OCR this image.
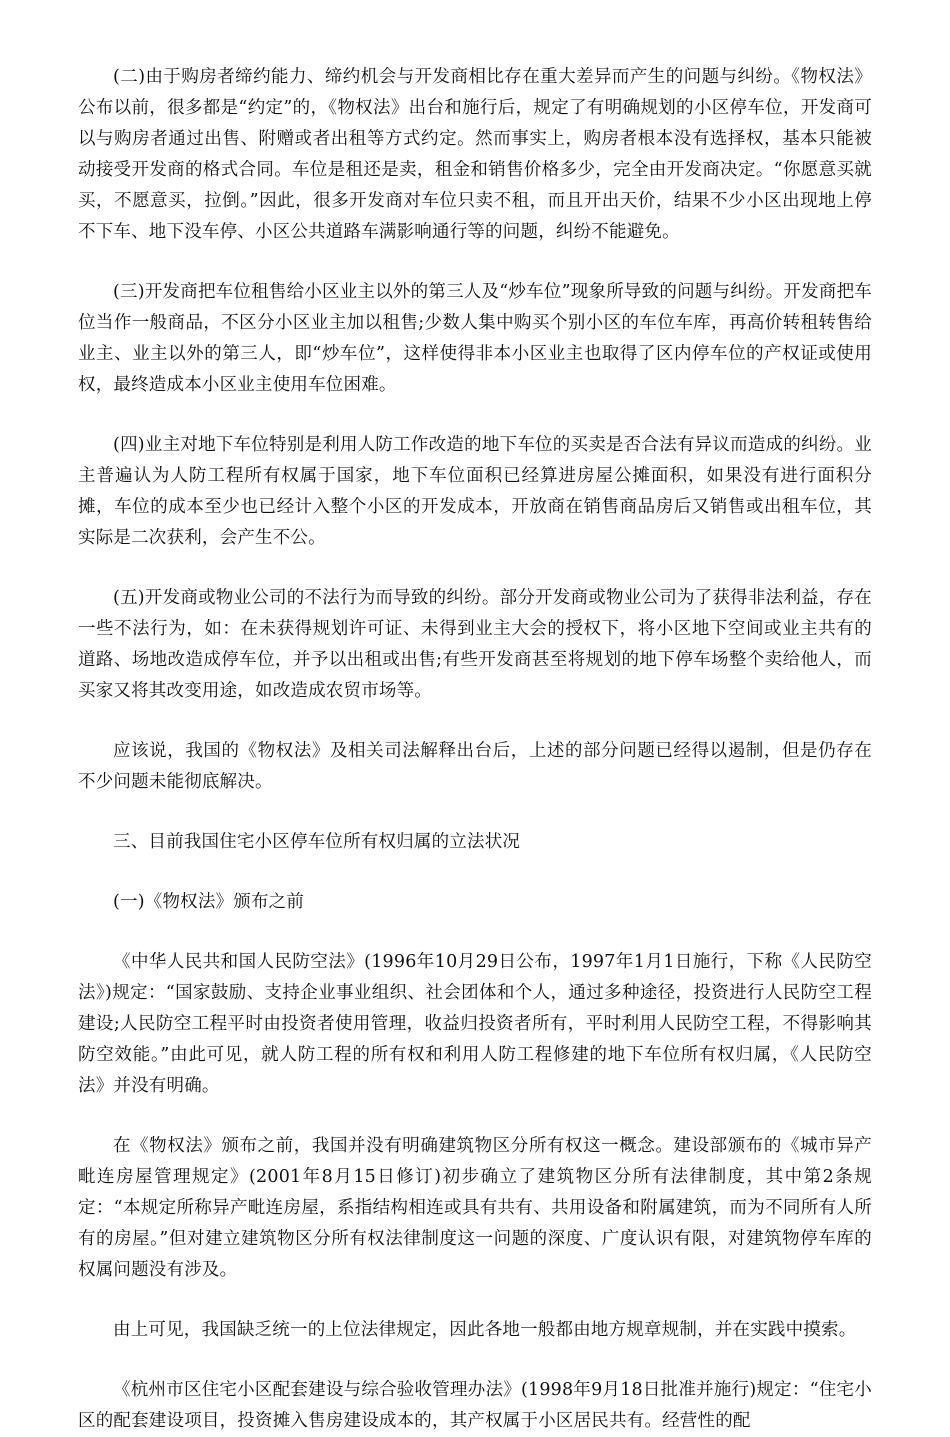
(二)由于购房者缔约能力、缔约机会与开发商相比存在重大差异而产生的问题与纠纷。《物权法》公布以前，很多都是“约定”的，《物权法》出台和施行后，规定了有明确规划的小区停车位，开发商可以与购房者通过出售、附赠或者出租等方式约定。然而事实上，购房者根本没有选择权，基本只能被动接受开发商的格式合同。车位是租还是卖，租金和销售价格多少，完全由开发商决定。“你愿意买就买，不愿意买，拉倒。”因此，很多开发商对车位只卖不租，而且开出天价，结果不少小区出现地上停不下车、地下没车停、小区公共道路车满影响通行等的问题，纠纷不能避免。

(三)开发商把车位租售给小区业主以外的第三人及“炒车位”现象所导致的问题与纠纷。开发商把车位当作一般商品，不区分小区业主加以租售;少数人集中购买个别小区的车位车库，再高价转租转售给业主、业主以外的第三人，即“炒车位”，这样使得非本小区业主也取得了区内停车位的产权证或使用权，最终造成本小区业主使用车位困难。

(四)业主对地下车位特别是利用人防工作改造的地下车位的买卖是否合法有异议而造成的纠纷。业主普遍认为人防工程所有权属于国家，地下车位面积已经算进房屋公摊面积，如果没有进行面积分摊，车位的成本至少也已经计入整个小区的开发成本，开放商在销售商品房后又销售或出租车位，其实际是二次获利，会产生不公。

(五)开发商或物业公司的不法行为而导致的纠纷。部分开发商或物业公司为了获得非法利益，存在一些不法行为，如：在未获得规划许可证、未得到业主大会的授权下，将小区地下空间或业主共有的道路、场地改造成停车位，并予以出租或出售;有些开发商甚至将规划的地下停车场整个卖给他人，而买家又将其改变用途，如改造成农贸市场等。

应该说，我国的《物权法》及相关司法解释出台后，上述的部分问题已经得以遏制，但是仍存在不少问题未能彻底解决。

三、目前我国住宅小区停车位所有权归属的立法状况

(一)《物权法》颁布之前

《中华人民共和国人民防空法》(1996年10月29日公布，1997年1月1日施行，下称《人民防空法》)规定：“国家鼓励、支持企业事业组织、社会团体和个人，通过多种途径，投资进行人民防空工程建设;人民防空工程平时由投资者使用管理，收益归投资者所有，平时利用人民防空工程，不得影响其防空效能。”由此可见，就人防工程的所有权和利用人防工程修建的地下车位所有权归属，《人民防空法》并没有明确。

在《物权法》颁布之前，我国并没有明确建筑物区分所有权这一概念。建设部颁布的《城市异产毗连房屋管理规定》(2001年8月15日修订)初步确立了建筑物区分所有法律制度，其中第2条规定：“本规定所称异产毗连房屋，系指结构相连或具有共有、共用设备和附属建筑，而为不同所有人所有的房屋。”但对建立建筑物区分所有权法律制度这一问题的深度、广度认识有限，对建筑物停车库的权属问题没有涉及。

由上可见，我国缺乏统一的上位法律规定，因此各地一般都由地方规章规制，并在实践中摸索。

《杭州市区住宅小区配套建设与综合验收管理办法》(1998年9月18日批准并施行)规定：“住宅小区的配套建设项目，投资摊入售房建设成本的，其产权属于小区居民共有。经营性的配
